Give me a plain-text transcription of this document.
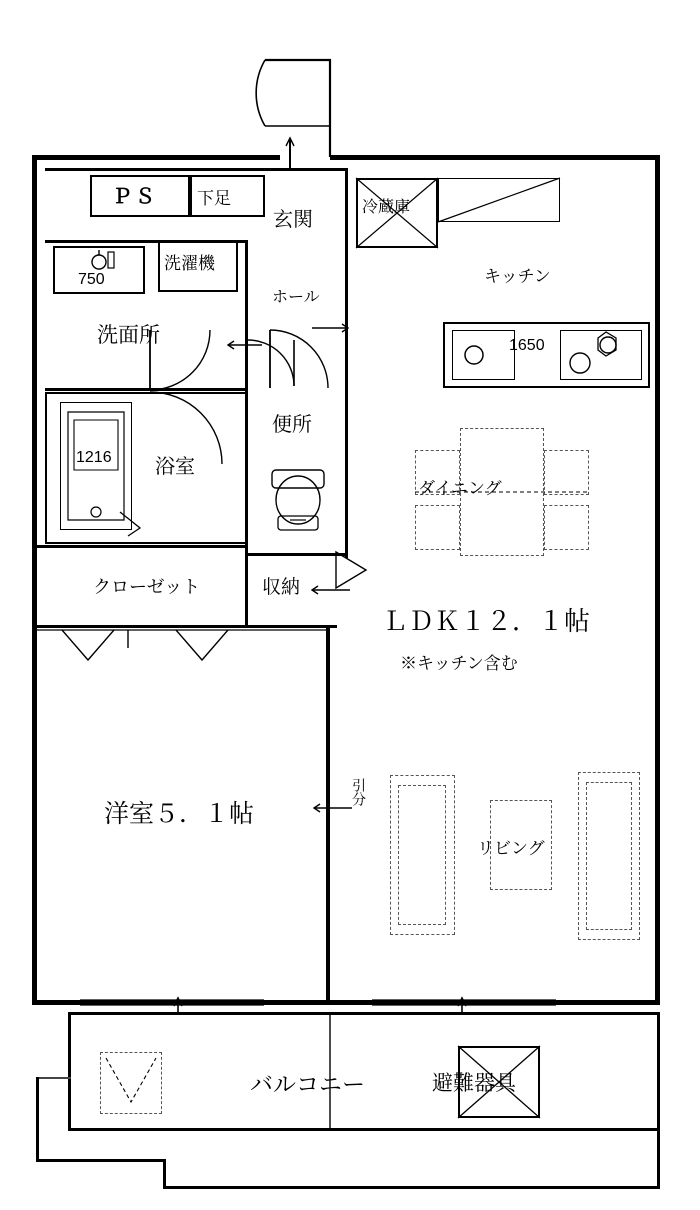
ＰＳ 下足
玄関
冷蔵庫
キッチン
洗濯機
洗面所
ホール
便所
浴室
クローゼット	収納
ダイニング
ＬＤＫ１２．１帖
※キッチン含む
洋室５．１帖
リビング
バルコニー	避難器具
750
1216
1650
引分
